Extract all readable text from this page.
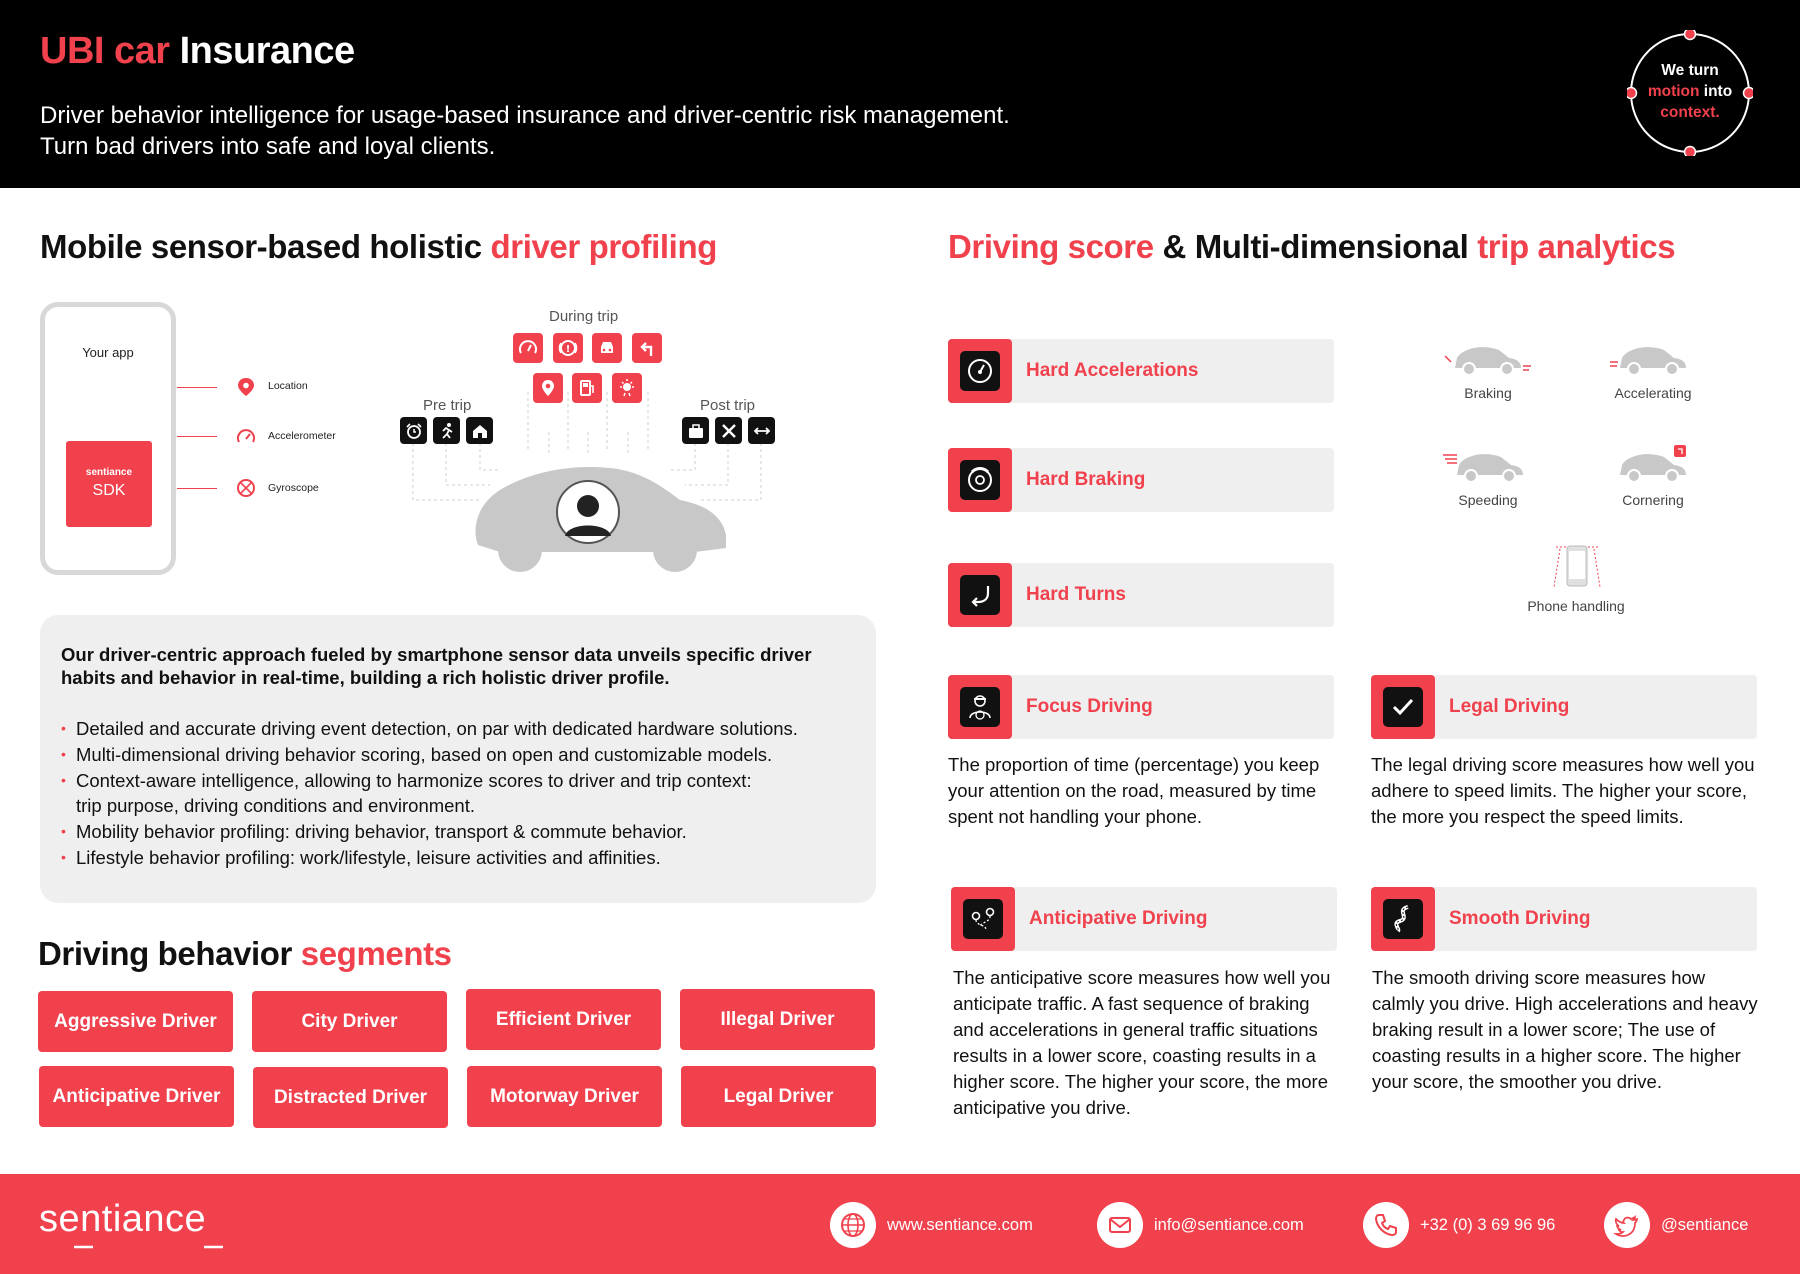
UBI car Insurance
Driver behavior intelligence for usage-based insurance and driver-centric risk management.
Turn bad drivers into safe and loyal clients.
We turn
motion into
context.
Mobile sensor-based holistic driver profiling
Your app
sentiance
SDK
Location
Accelerometer
Gyroscope
During trip
Pre trip	Post trip
!
Our driver-centric approach fueled by smartphone sensor data unveils specific driver habits and behavior in real-time, building a rich holistic driver profile.
• Detailed and accurate driving event detection, on par with dedicated hardware solutions.
• Multi-dimensional driving behavior scoring, based on open and customizable models.
• Context-aware intelligence, allowing to harmonize scores to driver and trip context:
trip purpose, driving conditions and environment.
• Mobility behavior profiling: driving behavior, transport & commute behavior.
• Lifestyle behavior profiling: work/lifestyle, leisure activities and affinities.
Driving behavior segments
Aggressive Driver	City Driver	Efficient Driver	Illegal Driver
Anticipative Driver	Distracted Driver	Motorway Driver	Legal Driver
Driving score & Multi-dimensional trip analytics
Hard Accelerations
Hard Braking
Hard Turns
Braking	Accelerating
Speeding	Cornering
Phone handling
Focus Driving
The proportion of time (percentage) you keep your attention on the road, measured by time spent not handling your phone.
Legal Driving
The legal driving score measures how well you adhere to speed limits. The higher your score, the more you respect the speed limits.
Anticipative Driving
The anticipative score measures how well you anticipate traffic. A fast sequence of braking and accelerations in general traffic situations results in a lower score, coasting results in a higher score. The higher your score, the more anticipative you drive.
Smooth Driving
The smooth driving score measures how calmly you drive. High accelerations and heavy braking result in a lower score; The use of coasting results in a higher score. The higher your score, the smoother you drive.
sentiance	www.sentiance.com	info@sentiance.com	+32 (0) 3 69 96 96	@sentiance
